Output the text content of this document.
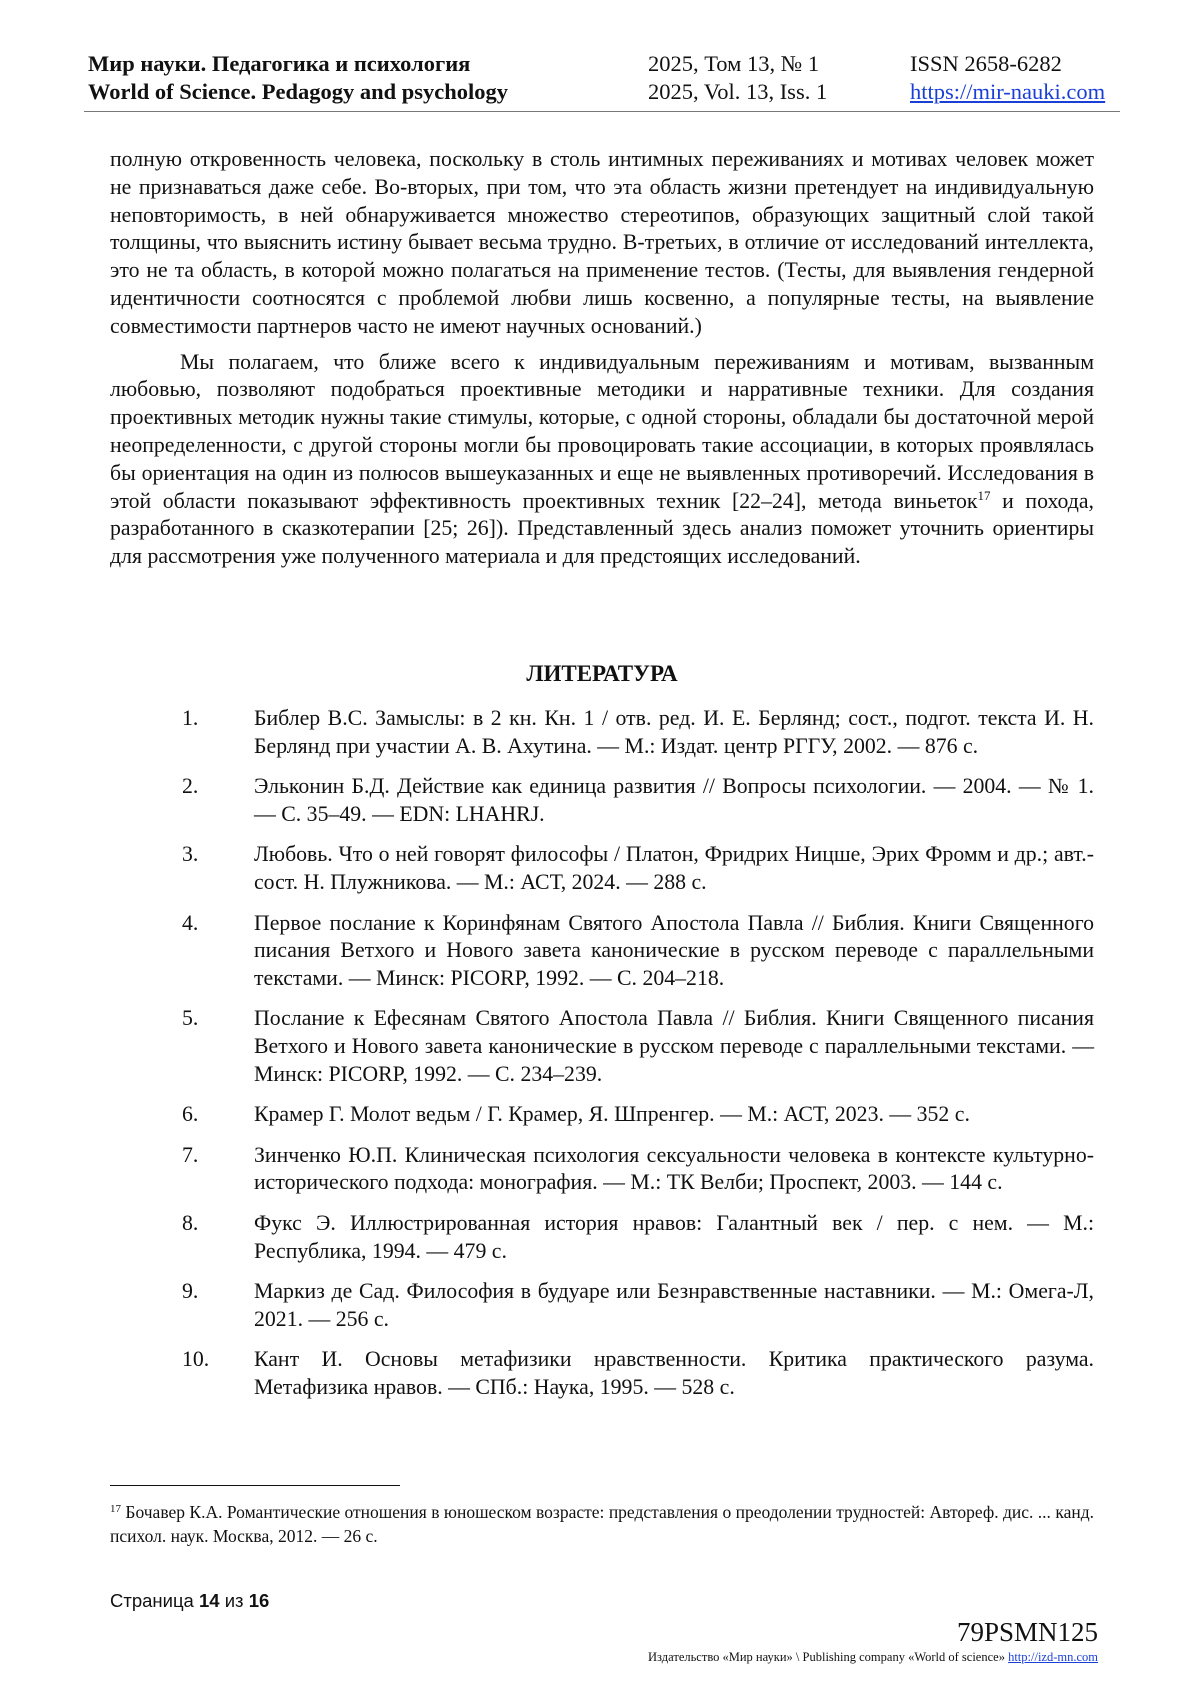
Мир науки. Педагогика и психология
World of Science. Pedagogy and psychology
2025, Том 13, № 1
2025, Vol. 13, Iss. 1
ISSN 2658-6282
https://mir-nauki.com

полную откровенность человека, поскольку в столь интимных переживаниях и мотивах человек может не признаваться даже себе. Во-вторых, при том, что эта область жизни претендует на индивидуальную неповторимость, в ней обнаруживается множество стереотипов, образующих защитный слой такой толщины, что выяснить истину бывает весьма трудно. В-третьих, в отличие от исследований интеллекта, это не та область, в которой можно полагаться на применение тестов. (Тесты, для выявления гендерной идентичности соотносятся с проблемой любви лишь косвенно, а популярные тесты, на выявление совместимости партнеров часто не имеют научных оснований.)

Мы полагаем, что ближе всего к индивидуальным переживаниям и мотивам, вызванным любовью, позволяют подобраться проективные методики и нарративные техники. Для создания проективных методик нужны такие стимулы, которые, с одной стороны, обладали бы достаточной мерой неопределенности, с другой стороны могли бы провоцировать такие ассоциации, в которых проявлялась бы ориентация на один из полюсов вышеуказанных и еще не выявленных противоречий. Исследования в этой области показывают эффективность проективных техник [22–24], метода виньеток$^{17}$ и похода, разработанного в сказкотерапии [25; 26]). Представленный здесь анализ поможет уточнить ориентиры для рассмотрения уже полученного материала и для предстоящих исследований.

ЛИТЕРАТУРА
1.	Библер В.С. Замыслы: в 2 кн. Кн. 1 / отв. ред. И. Е. Берлянд; сост., подгот. текста И. Н. Берлянд при участии А. В. Ахутина. — М.: Издат. центр РГГУ, 2002. — 876 с.
2.	Эльконин Б.Д. Действие как единица развития // Вопросы психологии. — 2004. — № 1. — С. 35–49. — EDN: LHAHRJ.
3.	Любовь. Что о ней говорят философы / Платон, Фридрих Ницше, Эрих Фромм и др.; авт.-сост. Н. Плужникова. — М.: АСТ, 2024. — 288 с.
4.	Первое послание к Коринфянам Святого Апостола Павла // Библия. Книги Священного писания Ветхого и Нового завета канонические в русском переводе с параллельными текстами. — Минск: PICORP, 1992. — С. 204–218.
5.	Послание к Ефесянам Святого Апостола Павла // Библия. Книги Священного писания Ветхого и Нового завета канонические в русском переводе с параллельными текстами. — Минск: PICORP, 1992. — С. 234–239.
6.	Крамер Г. Молот ведьм / Г. Крамер, Я. Шпренгер. — М.: АСТ, 2023. — 352 с.
7.	Зинченко Ю.П. Клиническая психология сексуальности человека в контексте культурно-исторического подхода: монография. — М.: ТК Велби; Проспект, 2003. — 144 с.
8.	Фукс Э. Иллюстрированная история нравов: Галантный век / пер. с нем. — М.: Республика, 1994. — 479 с.
9.	Маркиз де Сад. Философия в будуаре или Безнравственные наставники. — М.: Омега-Л, 2021. — 256 с.
10. Кант И. Основы метафизики нравственности. Критика практического разума. Метафизика нравов. — СПб.: Наука, 1995. — 528 с.
$^{17}$ Бочавер К.А. Романтические отношения в юношеском возрасте: представления о преодолении трудностей: Автореф. дис. ... канд. психол. наук. Москва, 2012. — 26 с.
Страница 14 из 16
79PSMN125
Издательство «Мир науки» \ Publishing company «World of science» http://izd-mn.com
